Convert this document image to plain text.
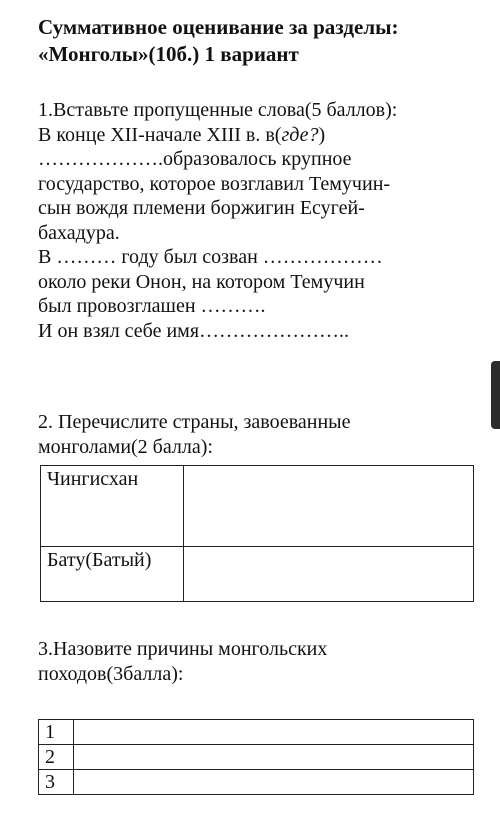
Суммативное оценивание за разделы:
«Монголы»(10б.) 1 вариант
1.Вставьте пропущенные слова(5 баллов):
В конце XII-начале XIII в. в(где?)
……………….образовалось крупное
государство, которое возглавил Темучин-
сын вождя племени боржигин Есугей-
бахадура.
В ……… году был созван ………………
около реки Онон, на котором Темучин
был провозглашен ……….
И он взял себе имя…………………..
2. Перечислите страны, завоеванные
монголами(2 балла):
Чингисхан	
Бату(Батый)	
3.Назовите причины монгольских
походов(3балла):
1	
2	
3	
